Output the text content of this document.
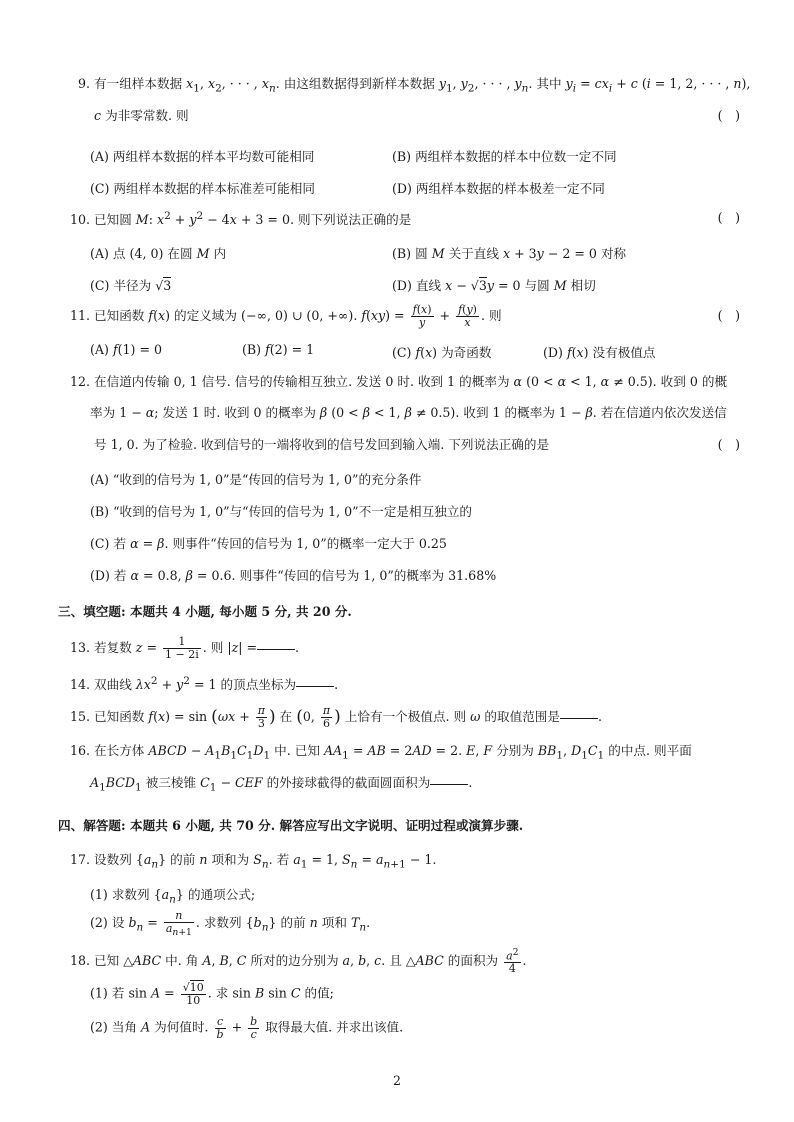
9. 有一组样本数据 $x_1$, $x_2$, · · · , $x_n$. 由这组数据得到新样本数据 $y_1$, $y_2$, · · · , $y_n$. 其中 $y_i = cx_i + c$ (i = 1, 2, · · · , n),
c 为非零常数. 则	(　)
(A) 两组样本数据的样本平均数可能相同	(B) 两组样本数据的样本中位数一定不同
(C) 两组样本数据的样本标准差可能相同	(D) 两组样本数据的样本极差一定不同
10. 已知圆 M: $x^2 + y^2 - 4x + 3 = 0$. 则下列说法正确的是	(　)
(A) 点 (4, 0) 在圆 M 内	(B) 圆 M 关于直线 x + 3y − 2 = 0 对称
(C) 半径为 √3	(D) 直线 x − √3y = 0 与圆 M 相切
11. 已知函数 f(x) 的定义域为 (−∞, 0) ∪ (0, +∞). $f(xy) = \frac{f(x)}{y} + \frac{f(y)}{x}$ . 则	(　)
(A) f(1) = 0	(B) f(2) = 1	(C) f(x) 为奇函数	(D) f(x) 没有极值点
12. 在信道内传输 0, 1 信号. 信号的传输相互独立. 发送 0 时. 收到 1 的概率为 α (0 < α < 1, α ≠ 0.5). 收到 0 的概
率为 1 − α; 发送 1 时. 收到 0 的概率为 β (0 < β < 1, β ≠ 0.5). 收到 1 的概率为 1 − β. 若在信道内依次发送信
号 1, 0. 为了检验. 收到信号的一端将收到的信号发回到输入端. 下列说法正确的是	(　)
(A) “收到的信号为 1, 0”是“传回的信号为 1, 0”的充分条件
(B) “收到的信号为 1, 0”与“传回的信号为 1, 0”不一定是相互独立的
(C) 若 α = β. 则事件“传回的信号为 1, 0”的概率一定大于 0.25
(D) 若 α = 0.8, β = 0.6. 则事件“传回的信号为 1, 0”的概率为 31.68%
三、填空题: 本题共 4 小题, 每小题 5 分, 共 20 分.
13. 若复数 $z = \frac{1}{1 - 2i}$ . 则 |z| =	.
14. 双曲线 $\lambda x^2 + y^2 = 1$ 的顶点坐标为	.
15. 已知函数 $f(x) = \sin (\omega x + \frac{\pi}{3}$ ) 在 (0, $\frac{\pi}{6}$ ) 上恰有一个极值点. 则 ω 的取值范围是	.
16. 在长方体 ABCD − $A_1B_1C_1D_1$ 中. 已知 $AA_1$ = AB = 2AD = 2. E, F 分别为 $BB_1$, $D_1C_1$ 的中点. 则平面
$A_1BCD_1$ 被三棱锥 $C_1$ − CEF 的外接球截得的截面圆面积为	.
四、解答题: 本题共 6 小题, 共 70 分. 解答应写出文字说明、证明过程或演算步骤.
17. 设数列 $\{a_n\}$ 的前 n 项和为 $S_n$. 若 $a_1 = 1$, $S_n = a_{n+1} - 1$.
(1) 求数列 $\{a_n\}$ 的通项公式;
(2) 设 $b_n = \frac{n}{a_{n+1}}$ . 求数列 $\{b_n\}$ 的前 n 项和 $T_n$.
18. 已知 △ABC 中. 角 A, B, C 所对的边分别为 a, b, c. 且 △ABC 的面积为 $\frac{a^2}{4}$ .
(1) 若 $\sin A = \frac{√10}{10}$ . 求 sin B sin C 的值;
(2) 当角 A 为何值时. $\frac{c}{b} + \frac{b}{c}$ 取得最大值. 并求出该值.
2
